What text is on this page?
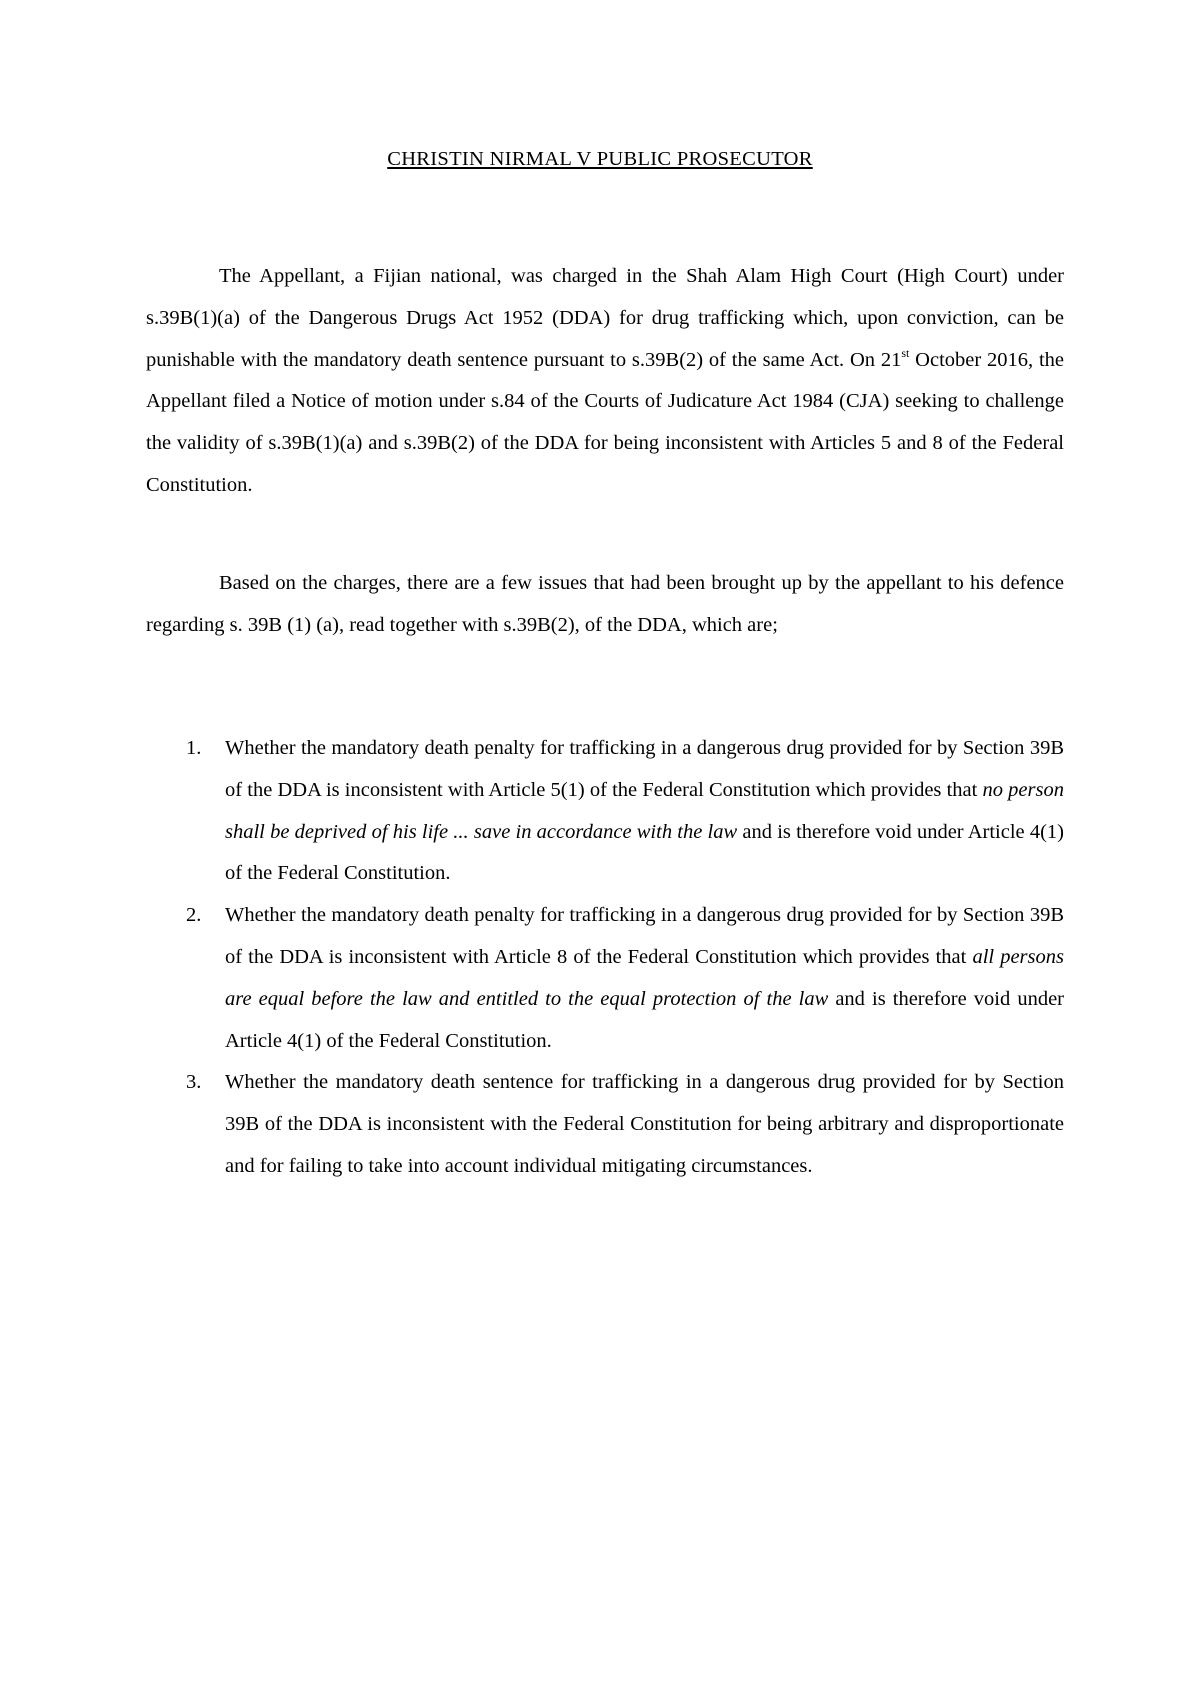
CHRISTIN NIRMAL V PUBLIC PROSECUTOR

The Appellant, a Fijian national, was charged in the Shah Alam High Court (High Court) under s.39B(1)(a) of the Dangerous Drugs Act 1952 (DDA) for drug trafficking which, upon conviction, can be punishable with the mandatory death sentence pursuant to s.39B(2) of the same Act. On 21st October 2016, the Appellant filed a Notice of motion under s.84 of the Courts of Judicature Act 1984 (CJA) seeking to challenge the validity of s.39B(1)(a) and s.39B(2) of the DDA for being inconsistent with Articles 5 and 8 of the Federal Constitution.

Based on the charges, there are a few issues that had been brought up by the appellant to his defence regarding s. 39B (1) (a), read together with s.39B(2), of the DDA, which are;

1. Whether the mandatory death penalty for trafficking in a dangerous drug provided for by Section 39B of the DDA is inconsistent with Article 5(1) of the Federal Constitution which provides that no person shall be deprived of his life ... save in accordance with the law and is therefore void under Article 4(1) of the Federal Constitution.
2. Whether the mandatory death penalty for trafficking in a dangerous drug provided for by Section 39B of the DDA is inconsistent with Article 8 of the Federal Constitution which provides that all persons are equal before the law and entitled to the equal protection of the law and is therefore void under Article 4(1) of the Federal Constitution.
3. Whether the mandatory death sentence for trafficking in a dangerous drug provided for by Section 39B of the DDA is inconsistent with the Federal Constitution for being arbitrary and disproportionate and for failing to take into account individual mitigating circumstances.
